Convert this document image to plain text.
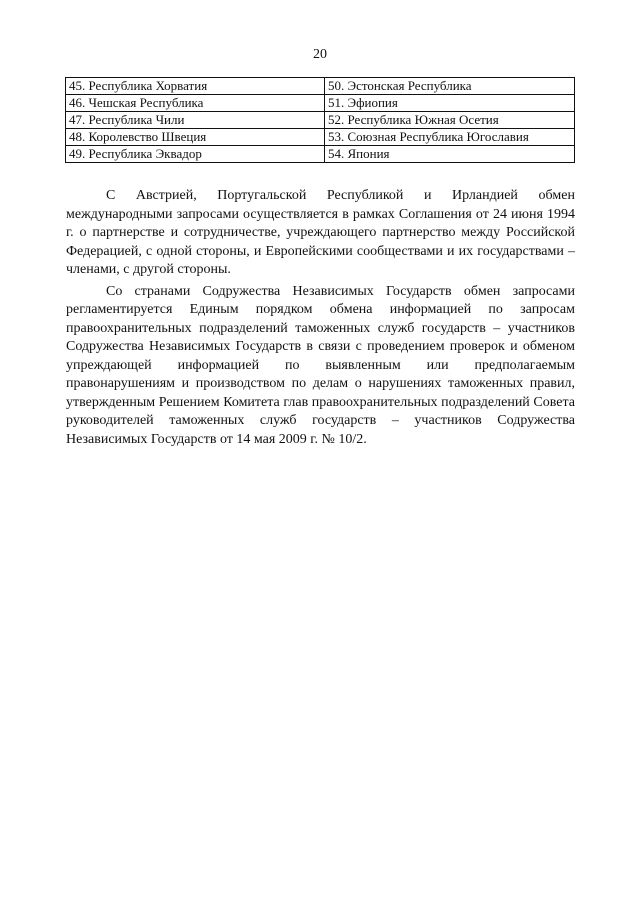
20
45. Республика Хорватия	50. Эстонская Республика
46. Чешская Республика	51. Эфиопия
47. Республика Чили	52. Республика Южная Осетия
48. Королевство Швеция	53. Союзная Республика Югославия
49. Республика Эквадор	54. Япония

С Австрией, Португальской Республикой и Ирландией обмен международными запросами осуществляется в рамках Соглашения от 24 июня 1994 г. о партнерстве и сотрудничестве, учреждающего партнерство между Российской Федерацией, с одной стороны, и Европейскими сообществами и их государствами – членами, с другой стороны.

Со странами Содружества Независимых Государств обмен запросами регламентируется Единым порядком обмена информацией по запросам правоохранительных подразделений таможенных служб государств – участников Содружества Независимых Государств в связи с проведением проверок и обменом упреждающей информацией по выявленным или предполагаемым правонарушениям и производством по делам о нарушениях таможенных правил, утвержденным Решением Комитета глав правоохранительных подразделений Совета руководителей таможенных служб государств – участников Содружества Независимых Государств от 14 мая 2009 г. № 10/2.
